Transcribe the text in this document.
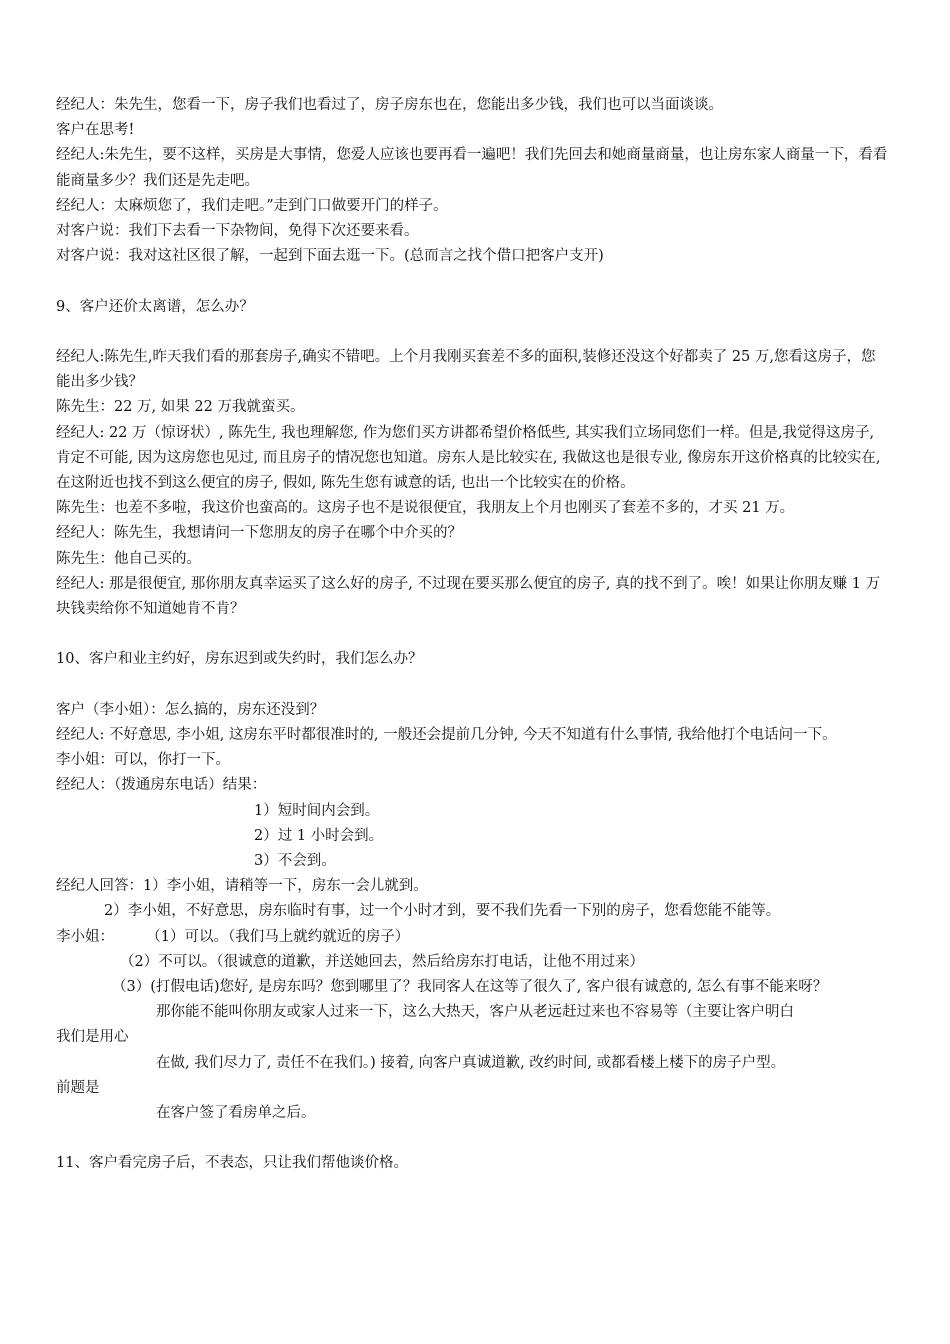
经纪人：朱先生，您看一下，房子我们也看过了，房子房东也在，您能出多少钱，我们也可以当面谈谈。

客户在思考!

经纪人:朱先生，要不这样，买房是大事情，您爱人应该也要再看一遍吧！我们先回去和她商量商量，也让房东家人商量一下，看看能商量多少？我们还是先走吧。

经纪人：太麻烦您了，我们走吧。”走到门口做要开门的样子。

对客户说：我们下去看一下杂物间，免得下次还要来看。

对客户说：我对这社区很了解，一起到下面去逛一下。(总而言之找个借口把客户支开)

9、客户还价太离谱，怎么办？

经纪人:陈先生,昨天我们看的那套房子,确实不错吧。上个月我刚买套差不多的面积,装修还没这个好都卖了 25 万,您看这房子，您能出多少钱？

陈先生：22 万, 如果 22 万我就蛮买。

经纪人: 22 万（惊讶状）, 陈先生, 我也理解您, 作为您们买方讲都希望价格低些, 其实我们立场同您们一样。但是,我觉得这房子, 肯定不可能, 因为这房您也见过, 而且房子的情况您也知道。房东人是比较实在, 我做这也是很专业, 像房东开这价格真的比较实在, 在这附近也找不到这么便宜的房子, 假如, 陈先生您有诚意的话, 也出一个比较实在的价格。

陈先生：也差不多啦，我这价也蛮高的。这房子也不是说很便宜，我朋友上个月也刚买了套差不多的，才买 21 万。

经纪人：陈先生，我想请问一下您朋友的房子在哪个中介买的？

陈先生：他自己买的。

经纪人: 那是很便宜, 那你朋友真幸运买了这么好的房子, 不过现在要买那么便宜的房子, 真的找不到了。唉！如果让你朋友赚 1 万块钱卖给你不知道她肯不肯？

10、客户和业主约好，房东迟到或失约时，我们怎么办？

客户（李小姐）：怎么搞的，房东还没到？

经纪人: 不好意思, 李小姐, 这房东平时都很准时的, 一般还会提前几分钟, 今天不知道有什么事情, 我给他打个电话问一下。

李小姐：可以，你打一下。

经纪人：（拨通房东电话）结果：

1）短时间内会到。

2）过 1 小时会到。

3）不会到。

经纪人回答：1）李小姐，请稍等一下，房东一会儿就到。

2）李小姐，不好意思，房东临时有事，过一个小时才到，要不我们先看一下别的房子，您看您能不能等。

李小姐：       （1）可以。（我们马上就约就近的房子）

（2）不可以。（很诚意的道歉，并送她回去，然后给房东打电话，让他不用过来）

（3）(打假电话)您好, 是房东吗？您到哪里了？我同客人在这等了很久了, 客户很有诚意的, 怎么有事不能来呀？

那你能不能叫你朋友或家人过来一下，这么大热天，客户从老远赶过来也不容易等（主要让客户明白

我们是用心

在做, 我们尽力了, 责任不在我们。) 接着, 向客户真诚道歉, 改约时间, 或都看楼上楼下的房子户型。

前题是

在客户签了看房单之后。

11、客户看完房子后，不表态，只让我们帮他谈价格。
